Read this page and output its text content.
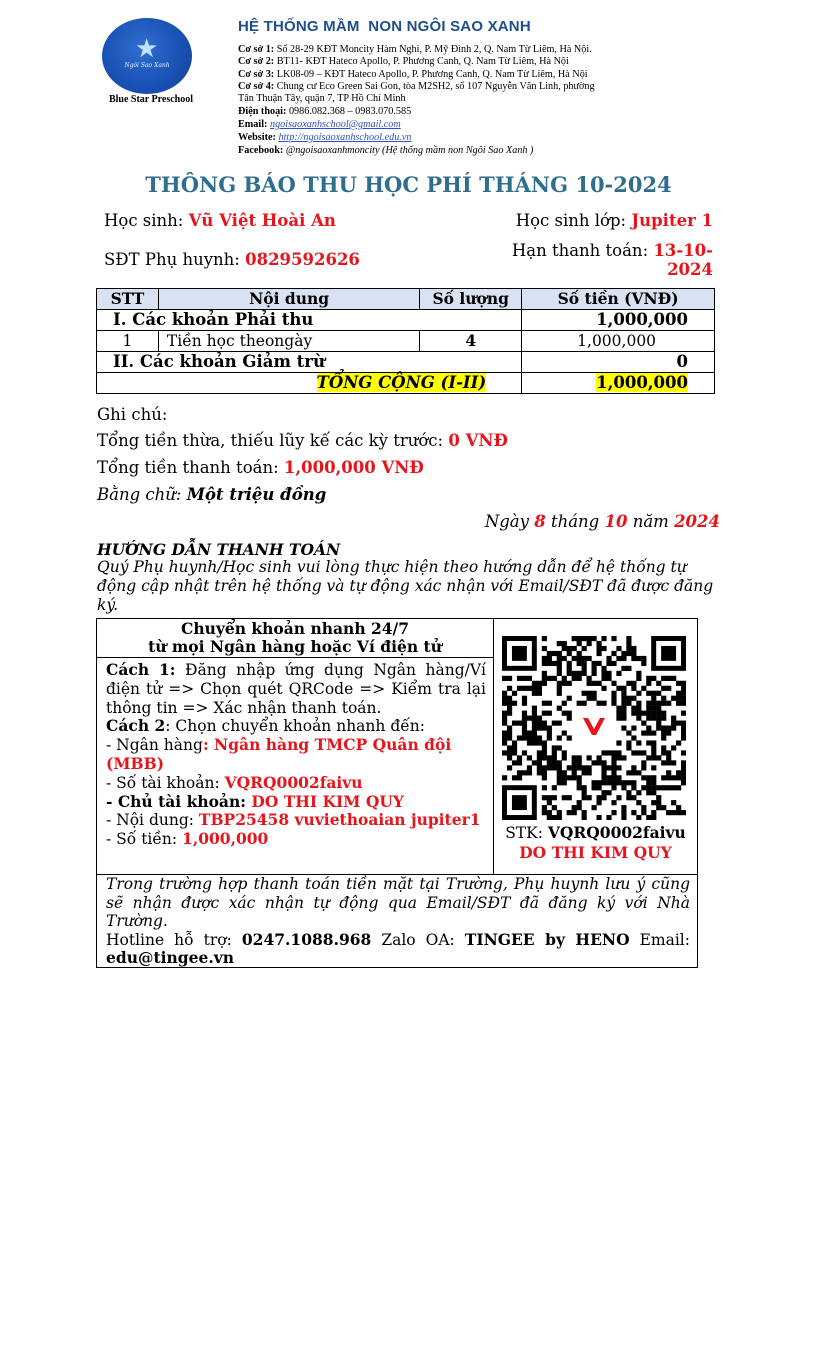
★
Ngôi Sao Xanh
Blue Star Preschool
HỆ THỐNG MẦM  NON NGÔI SAO XANH
Cơ sở 1: Số 28-29 KĐT Moncity Hàm Nghi, P. Mỹ Đình 2, Q. Nam Từ Liêm, Hà Nội.
Cơ sở 2: BT11- KĐT Hateco Apollo, P. Phương Canh, Q. Nam Từ Liêm, Hà Nội
Cơ sở 3: LK08-09 – KĐT Hateco Apollo, P. Phương Canh, Q. Nam Từ Liêm, Hà Nội
Cơ sở 4: Chung cư Eco Green Sai Gon, tòa M2SH2, số 107 Nguyễn Văn Linh, phường
Tân Thuận Tây, quận 7, TP Hồ Chí Minh
Điện thoại: 0986.082.368 – 0983.070.585
Email: ngoisaoxanhschool@gmail.com
Website: http://ngoisaoxanhschool.edu.vn
Facebook: @ngoisaoxanhmoncity (Hệ thống mầm non Ngôi Sao Xanh )
THÔNG BÁO THU HỌC PHÍ THÁNG 10-2024
Học sinh: Vũ Việt Hoài An	Học sinh lớp: Jupiter 1
SĐT Phụ huynh: 0829592626	Hạn thanh toán: 13-10-
2024
STT	Nội dung	Số lượng	Số tiền (VNĐ)
I. Các khoản Phải thu			1,000,000
1	Tiền học theongày	4	1,000,000
II. Các khoản Giảm trừ			0
TỔNG CỘNG (I-II)			1,000,000
Ghi chú:
Tổng tiền thừa, thiếu lũy kế các kỳ trước: 0 VNĐ
Tổng tiền thanh toán: 1,000,000 VNĐ
Bằng chữ: Một triệu đồng
Ngày 8 tháng 10 năm 2024
HƯỚNG DẪN THANH TOÁN
Quý Phụ huynh/Học sinh vui lòng thực hiện theo hướng dẫn để hệ thống tự động cập nhật trên hệ thống và tự động xác nhận với Email/SĐT đã được đăng ký.
Chuyển khoản nhanh 24/7
từ mọi Ngân hàng hoặc Ví điện tử
Cách 1: Đăng nhập ứng dụng Ngân hàng/Ví điện tử => Chọn quét QRCode => Kiểm tra lại thông tin => Xác nhận thanh toán.
Cách 2: Chọn chuyển khoản nhanh đến:
- Ngân hàng: Ngân hàng TMCP Quân đội (MBB)
- Số tài khoản: VQRQ0002faivu
- Chủ tài khoản: DO THI KIM QUY
- Nội dung: TBP25458 vuviethoaian jupiter1
- Số tiền: 1,000,000	STK: VQRQ0002faivu
DO THI KIM QUY
Trong trường hợp thanh toán tiền mặt tại Trường, Phụ huynh lưu ý cũng sẽ nhận được xác nhận tự động qua Email/SĐT đã đăng ký với Nhà Trường.
Hotline hỗ trợ: 0247.1088.968 Zalo OA: TINGEE by HENO Email: edu@tingee.vn
